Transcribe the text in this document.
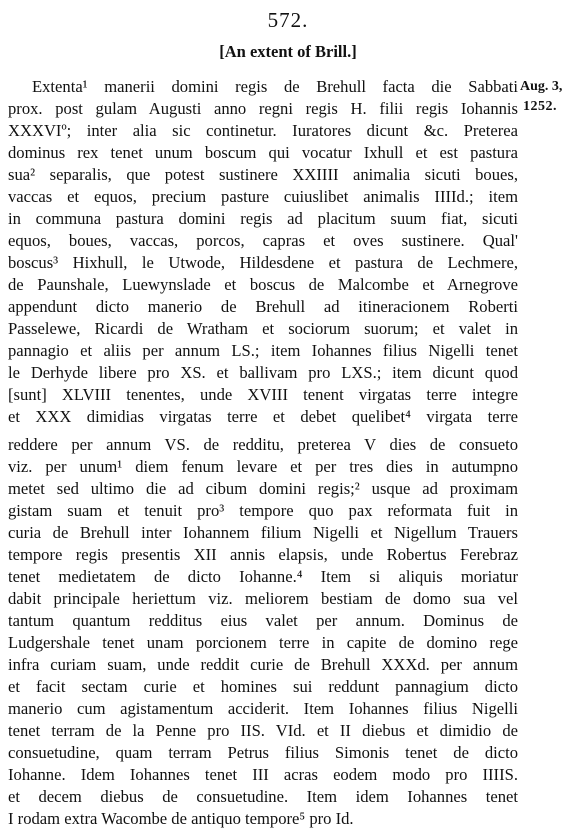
572.
[An extent of Brill.]
Aug. 3,
1252.
Extenta¹ manerii domini regis de Brehull facta die Sabbati
prox. post gulam Augusti anno regni regis H. filii regis Iohannis
XXXVIº; inter alia sic continetur. Iuratores dicunt &c. Preterea
dominus rex tenet unum boscum qui vocatur Ixhull et est pastura
sua² separalis, que potest sustinere XXIIII animalia sicuti boues,
vaccas et equos, precium pasture cuiuslibet animalis IIIId.; item
in communa pastura domini regis ad placitum suum fiat, sicuti
equos, boues, vaccas, porcos, capras et oves sustinere. Qual'
boscus³ Hixhull, le Utwode, Hildesdene et pastura de Lechmere,
de Paunshale, Luewynslade et boscus de Malcombe et Arnegrove
appendunt dicto manerio de Brehull ad itineracionem Roberti
Passelewe, Ricardi de Wratham et sociorum suorum; et valet in
pannagio et aliis per annum LS.; item Iohannes filius Nigelli tenet
le Derhyde libere pro XS. et ballivam pro LXS.; item dicunt quod
[sunt] XLVIII tenentes, unde XVIII tenent virgatas terre integre
et XXX dimidias virgatas terre et debet quelibet⁴ virgata terre
reddere per annum VS. de redditu, preterea V dies de consueto
viz. per unum¹ diem fenum levare et per tres dies in autumpno
metet sed ultimo die ad cibum domini regis;² usque ad proximam
gistam suam et tenuit pro³ tempore quo pax reformata fuit in
curia de Brehull inter Iohannem filium Nigelli et Nigellum Trauers
tempore regis presentis XII annis elapsis, unde Robertus Ferebraz
tenet medietatem de dicto Iohanne.⁴ Item si aliquis moriatur
dabit principale heriettum viz. meliorem bestiam de domo sua vel
tantum quantum redditus eius valet per annum. Dominus de
Ludgershale tenet unam porcionem terre in capite de domino rege
infra curiam suam, unde reddit curie de Brehull XXXd. per annum
et facit sectam curie et homines sui reddunt pannagium dicto
manerio cum agistamentum acciderit. Item Iohannes filius Nigelli
tenet terram de la Penne pro IIS. VId. et II diebus et dimidio de
consuetudine, quam terram Petrus filius Simonis tenet de dicto
Iohanne. Idem Iohannes tenet III acras eodem modo pro IIIIS.
et decem diebus de consuetudine. Item idem Iohannes tenet
I rodam extra Wacombe de antiquo tempore⁵ pro Id.
